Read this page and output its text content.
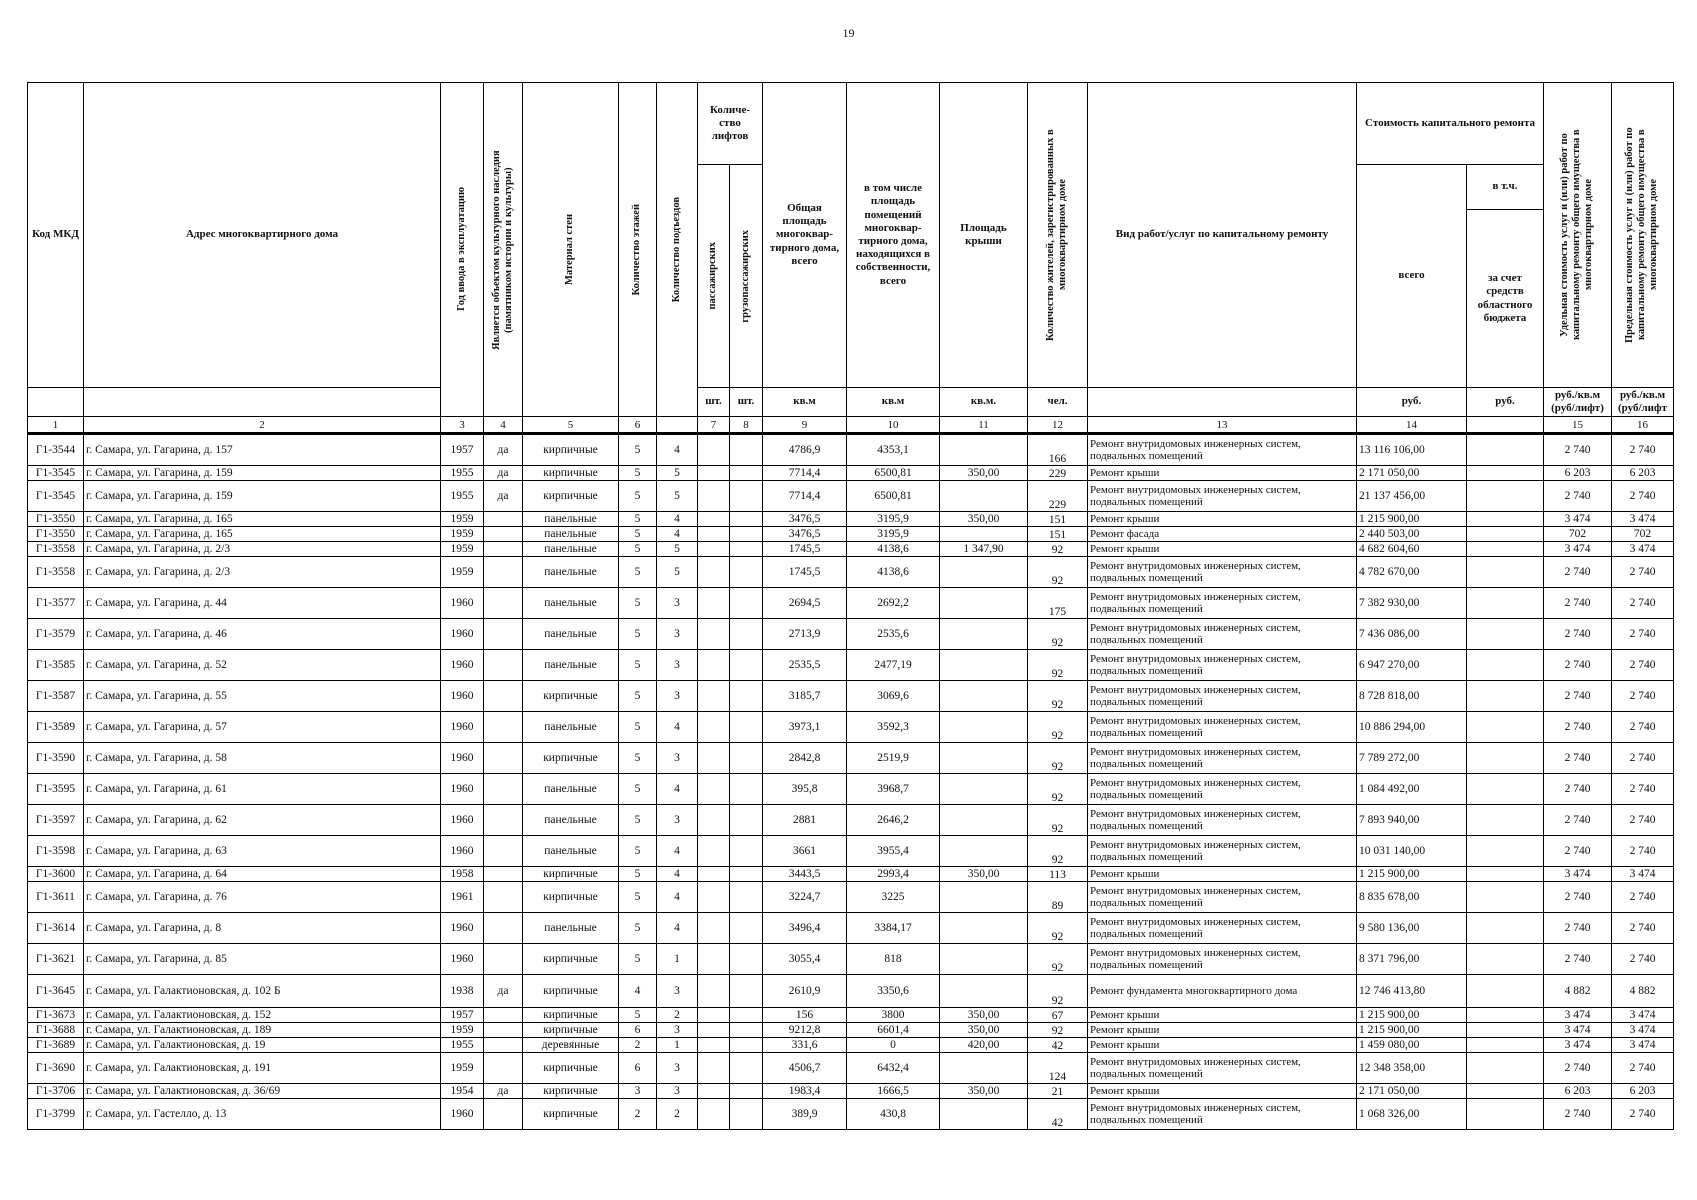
19
Код МКД	Адрес многоквартирного дома	Год ввода в эксплуатацию	Является объектом культурного наследия (памятником истории и культуры)	Материал стен	Количество этажей	Количество подъездов	Количе-ство лифтов		Общая площадь многоквар-тирного дома, всего	в том числе площадь помещений многоквар-тирного дома, находящихся в собственности, всего	Площадь крыши	Количество жителей, зарегистрированных в многоквартирном доме	Вид работ/услуг по капитальному ремонту	Стоимость капитального ремонта		Удельная стоимость услуг и (или) работ по капитальному ремонту общего имущества в многоквартирном доме	Предельная стоимость услуг и (или) работ по капитальному ремонту общего имущества в многоквартирном доме

							пассажирских	грузопассажирских						всего	в т.ч.		
															за счет средств областного бюджета		
							шт.	шт.	кв.м	кв.м	кв.м.	чел.		руб.	руб.	руб./кв.м (руб/лифт)	руб./кв.м (руб/лифт
1	2	3	4	5	6		7	8	9	10	11	12	13	14		15	16
Г1-3544	г. Самара, ул. Гагарина, д. 157	1957	да	кирпичные	5	4			4786,9	4353,1		166	Ремонт внутридомовых инженерных систем, подвальных помещений	13 116 106,00		2 740	2 740
Г1-3545	г. Самара, ул. Гагарина, д. 159	1955	да	кирпичные	5	5			7714,4	6500,81	350,00	229	Ремонт крыши	2 171 050,00		6 203	6 203
Г1-3545	г. Самара, ул. Гагарина, д. 159	1955	да	кирпичные	5	5			7714,4	6500,81		229	Ремонт внутридомовых инженерных систем, подвальных помещений	21 137 456,00		2 740	2 740
Г1-3550	г. Самара, ул. Гагарина, д. 165	1959		панельные	5	4			3476,5	3195,9	350,00	151	Ремонт крыши	1 215 900,00		3 474	3 474
Г1-3550	г. Самара, ул. Гагарина, д. 165	1959		панельные	5	4			3476,5	3195,9		151	Ремонт фасада	2 440 503,00		702	702
Г1-3558	г. Самара, ул. Гагарина, д. 2/3	1959		панельные	5	5			1745,5	4138,6	1 347,90	92	Ремонт крыши	4 682 604,60		3 474	3 474
Г1-3558	г. Самара, ул. Гагарина, д. 2/3	1959		панельные	5	5			1745,5	4138,6		92	Ремонт внутридомовых инженерных систем, подвальных помещений	4 782 670,00		2 740	2 740
Г1-3577	г. Самара, ул. Гагарина, д. 44	1960		панельные	5	3			2694,5	2692,2		175	Ремонт внутридомовых инженерных систем, подвальных помещений	7 382 930,00		2 740	2 740
Г1-3579	г. Самара, ул. Гагарина, д. 46	1960		панельные	5	3			2713,9	2535,6		92	Ремонт внутридомовых инженерных систем, подвальных помещений	7 436 086,00		2 740	2 740
Г1-3585	г. Самара, ул. Гагарина, д. 52	1960		панельные	5	3			2535,5	2477,19		92	Ремонт внутридомовых инженерных систем, подвальных помещений	6 947 270,00		2 740	2 740
Г1-3587	г. Самара, ул. Гагарина, д. 55	1960		кирпичные	5	3			3185,7	3069,6		92	Ремонт внутридомовых инженерных систем, подвальных помещений	8 728 818,00		2 740	2 740
Г1-3589	г. Самара, ул. Гагарина, д. 57	1960		панельные	5	4			3973,1	3592,3		92	Ремонт внутридомовых инженерных систем, подвальных помещений	10 886 294,00		2 740	2 740
Г1-3590	г. Самара, ул. Гагарина, д. 58	1960		кирпичные	5	3			2842,8	2519,9		92	Ремонт внутридомовых инженерных систем, подвальных помещений	7 789 272,00		2 740	2 740
Г1-3595	г. Самара, ул. Гагарина, д. 61	1960		панельные	5	4			395,8	3968,7		92	Ремонт внутридомовых инженерных систем, подвальных помещений	1 084 492,00		2 740	2 740
Г1-3597	г. Самара, ул. Гагарина, д. 62	1960		панельные	5	3			2881	2646,2		92	Ремонт внутридомовых инженерных систем, подвальных помещений	7 893 940,00		2 740	2 740
Г1-3598	г. Самара, ул. Гагарина, д. 63	1960		панельные	5	4			3661	3955,4		92	Ремонт внутридомовых инженерных систем, подвальных помещений	10 031 140,00		2 740	2 740
Г1-3600	г. Самара, ул. Гагарина, д. 64	1958		кирпичные	5	4			3443,5	2993,4	350,00	113	Ремонт крыши	1 215 900,00		3 474	3 474
Г1-3611	г. Самара, ул. Гагарина, д. 76	1961		кирпичные	5	4			3224,7	3225		89	Ремонт внутридомовых инженерных систем, подвальных помещений	8 835 678,00		2 740	2 740
Г1-3614	г. Самара, ул. Гагарина, д. 8	1960		панельные	5	4			3496,4	3384,17		92	Ремонт внутридомовых инженерных систем, подвальных помещений	9 580 136,00		2 740	2 740
Г1-3621	г. Самара, ул. Гагарина, д. 85	1960		кирпичные	5	1			3055,4	818		92	Ремонт внутридомовых инженерных систем, подвальных помещений	8 371 796,00		2 740	2 740
Г1-3645	г. Самара, ул. Галактионовская, д. 102 Б	1938	да	кирпичные	4	3			2610,9	3350,6		92	Ремонт фундамента многоквартирного дома	12 746 413,80		4 882	4 882
Г1-3673	г. Самара, ул. Галактионовская, д. 152	1957		кирпичные	5	2			156	3800	350,00	67	Ремонт крыши	1 215 900,00		3 474	3 474
Г1-3688	г. Самара, ул. Галактионовская, д. 189	1959		кирпичные	6	3			9212,8	6601,4	350,00	92	Ремонт крыши	1 215 900,00		3 474	3 474
Г1-3689	г. Самара, ул. Галактионовская, д. 19	1955		деревянные	2	1			331,6	0	420,00	42	Ремонт крыши	1 459 080,00		3 474	3 474
Г1-3690	г. Самара, ул. Галактионовская, д. 191	1959		кирпичные	6	3			4506,7	6432,4		124	Ремонт внутридомовых инженерных систем, подвальных помещений	12 348 358,00		2 740	2 740
Г1-3706	г. Самара, ул. Галактионовская, д. 36/69	1954	да	кирпичные	3	3			1983,4	1666,5	350,00	21	Ремонт крыши	2 171 050,00		6 203	6 203
Г1-3799	г. Самара, ул. Гастелло, д. 13	1960		кирпичные	2	2			389,9	430,8		42	Ремонт внутридомовых инженерных систем, подвальных помещений	1 068 326,00		2 740	2 740
